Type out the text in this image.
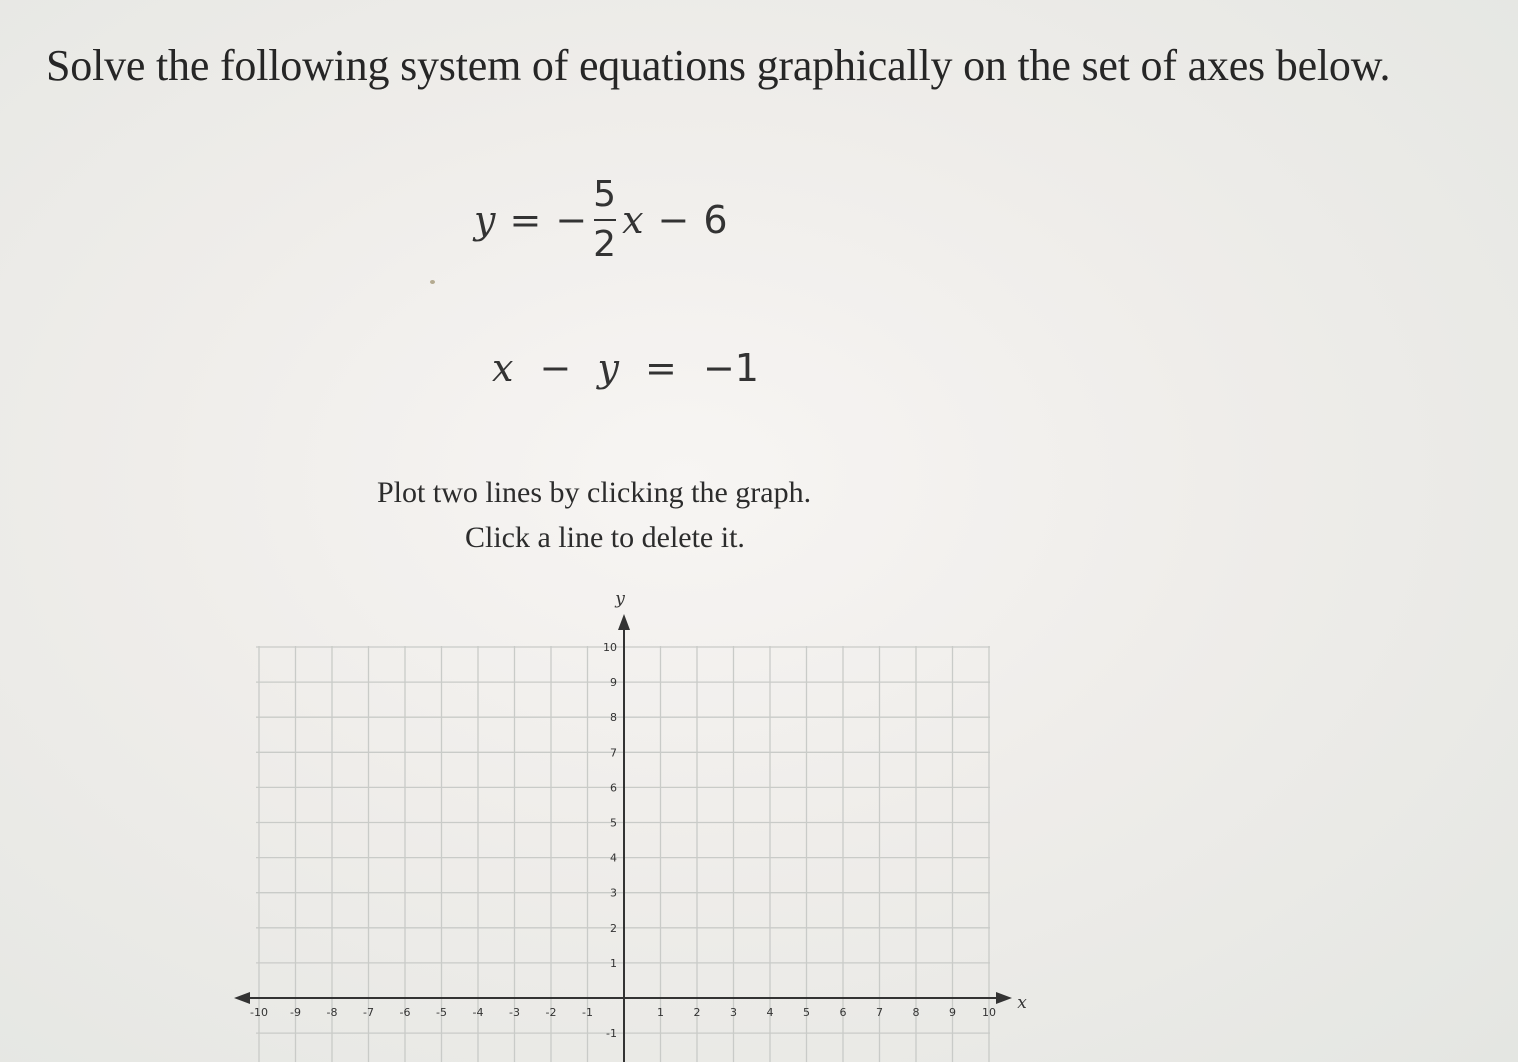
Solve the following system of equations graphically on the set of axes below.
y = − $\frac{5}{2}$ x − 6
x − y = −1
Plot two lines by clicking the graph.
Click a line to delete it.
-10 -9 -8 -7 -6 -5 -4 -3 -2 -1	1	2	3	4	5	6	7	8	9 10
1
2
3
4
5
6
7
8
9
10
-1
x
y
